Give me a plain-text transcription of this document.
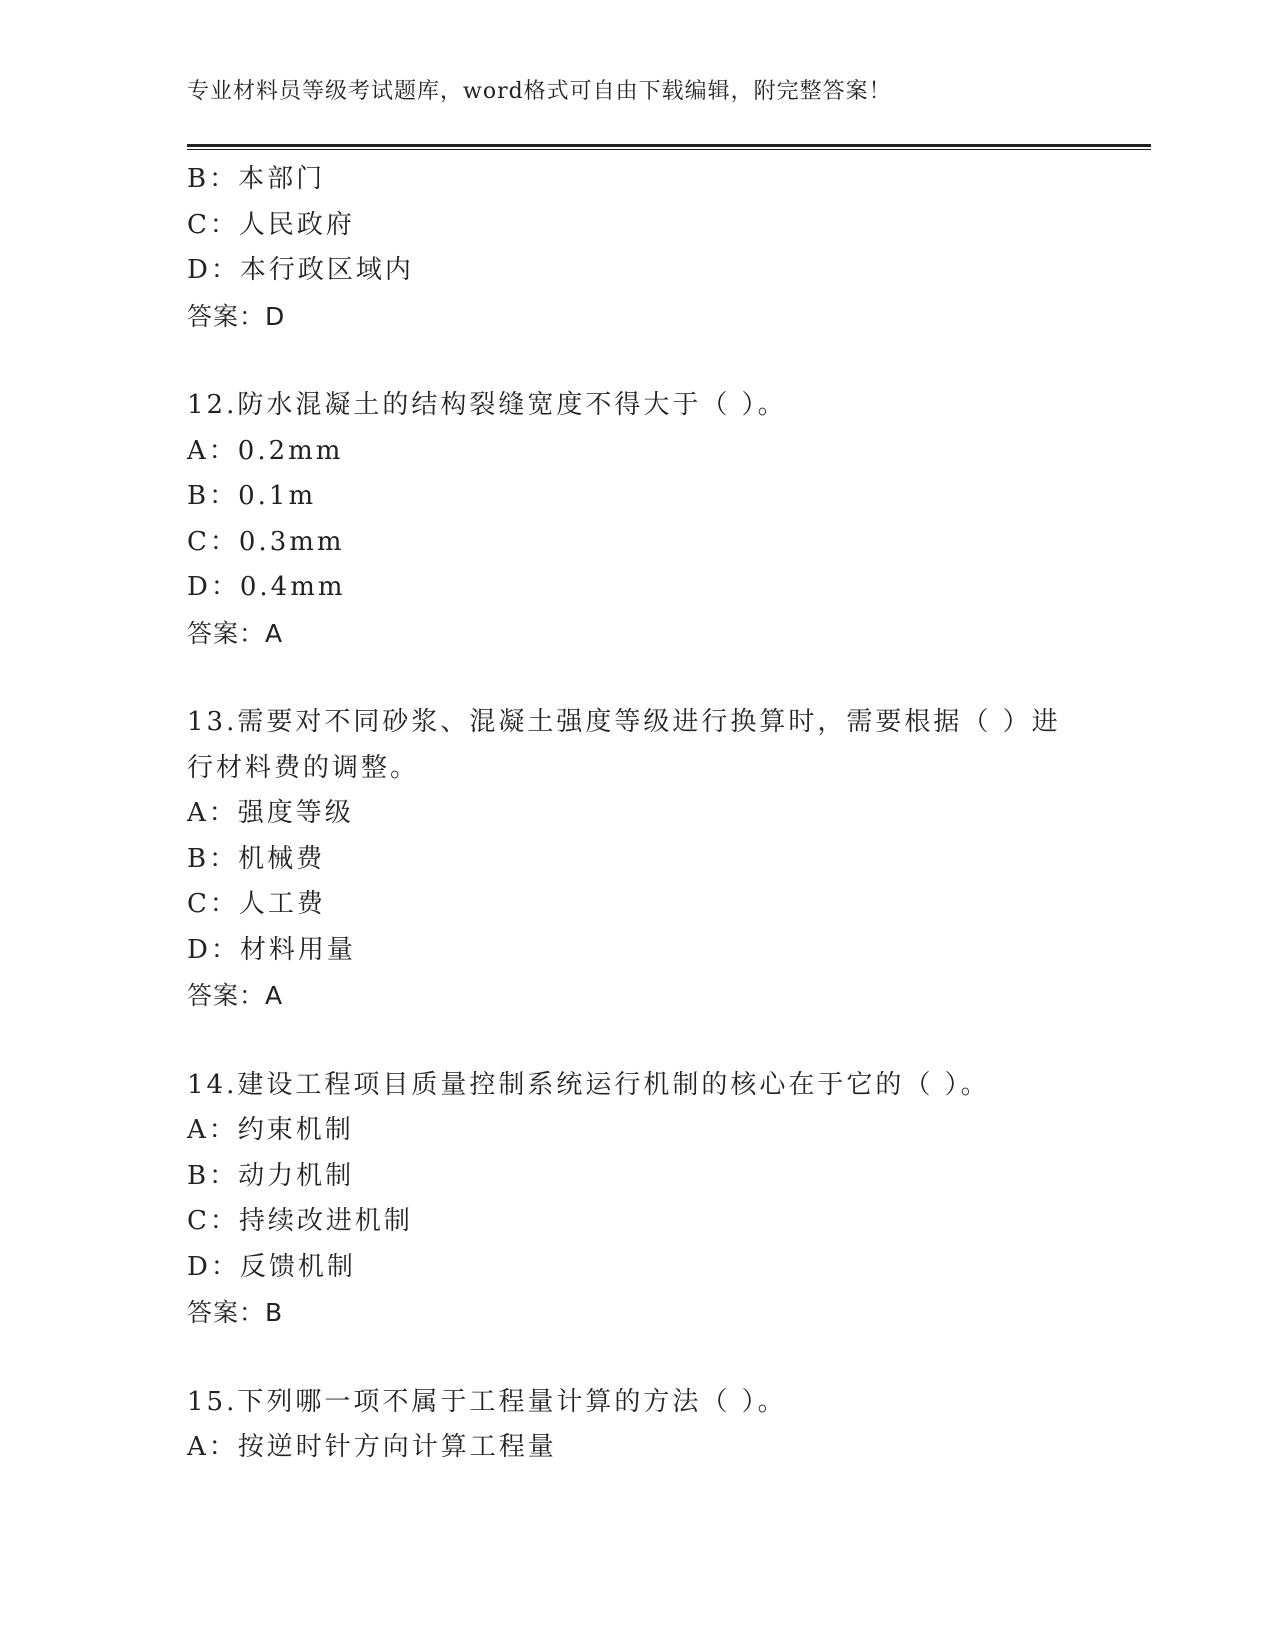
专业材料员等级考试题库，word格式可自由下载编辑，附完整答案！
B：本部门
C：人民政府
D：本行政区域内
答案：D
12.防水混凝土的结构裂缝宽度不得大于（ ）。
A：0.2mm
B：0.1m
C：0.3mm
D：0.4mm
答案：A
13.需要对不同砂浆、混凝土强度等级进行换算时，需要根据（ ）进行材料费的调整。
A：强度等级
B：机械费
C：人工费
D：材料用量
答案：A
14.建设工程项目质量控制系统运行机制的核心在于它的（ ）。
A：约束机制
B：动力机制
C：持续改进机制
D：反馈机制
答案：B
15.下列哪一项不属于工程量计算的方法（ ）。
A：按逆时针方向计算工程量
